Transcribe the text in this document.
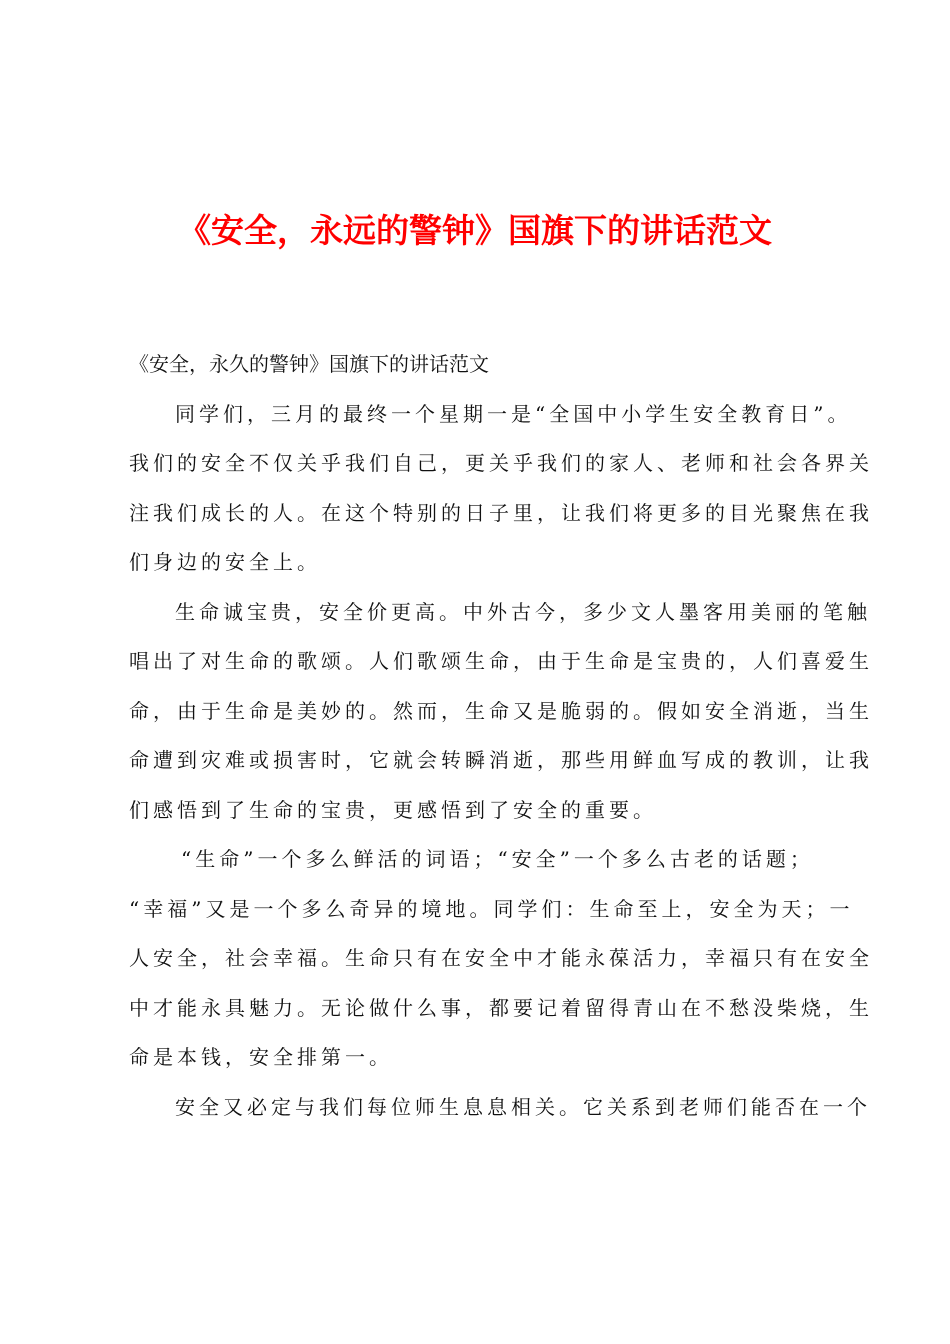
《安全，永远的警钟》国旗下的讲话范文
《安全，永久的警钟》国旗下的讲话范文
同学们，三月的最终一个星期一是“全国中小学生安全教育日”。
我们的安全不仅关乎我们自己，更关乎我们的家人、老师和社会各界关
注我们成长的人。在这个特别的日子里，让我们将更多的目光聚焦在我
们身边的安全上。
生命诚宝贵，安全价更高。中外古今，多少文人墨客用美丽的笔触
唱出了对生命的歌颂。人们歌颂生命，由于生命是宝贵的，人们喜爱生
命，由于生命是美妙的。然而，生命又是脆弱的。假如安全消逝，当生
命遭到灾难或损害时，它就会转瞬消逝，那些用鲜血写成的教训，让我
们感悟到了生命的宝贵，更感悟到了安全的重要。
“生命”一个多么鲜活的词语；“安全”一个多么古老的话题；
“幸福”又是一个多么奇异的境地。同学们：生命至上，安全为天；一
人安全，社会幸福。生命只有在安全中才能永葆活力，幸福只有在安全
中才能永具魅力。无论做什么事，都要记着留得青山在不愁没柴烧，生
命是本钱，安全排第一。
安全又必定与我们每位师生息息相关。它关系到老师们能否在一个
